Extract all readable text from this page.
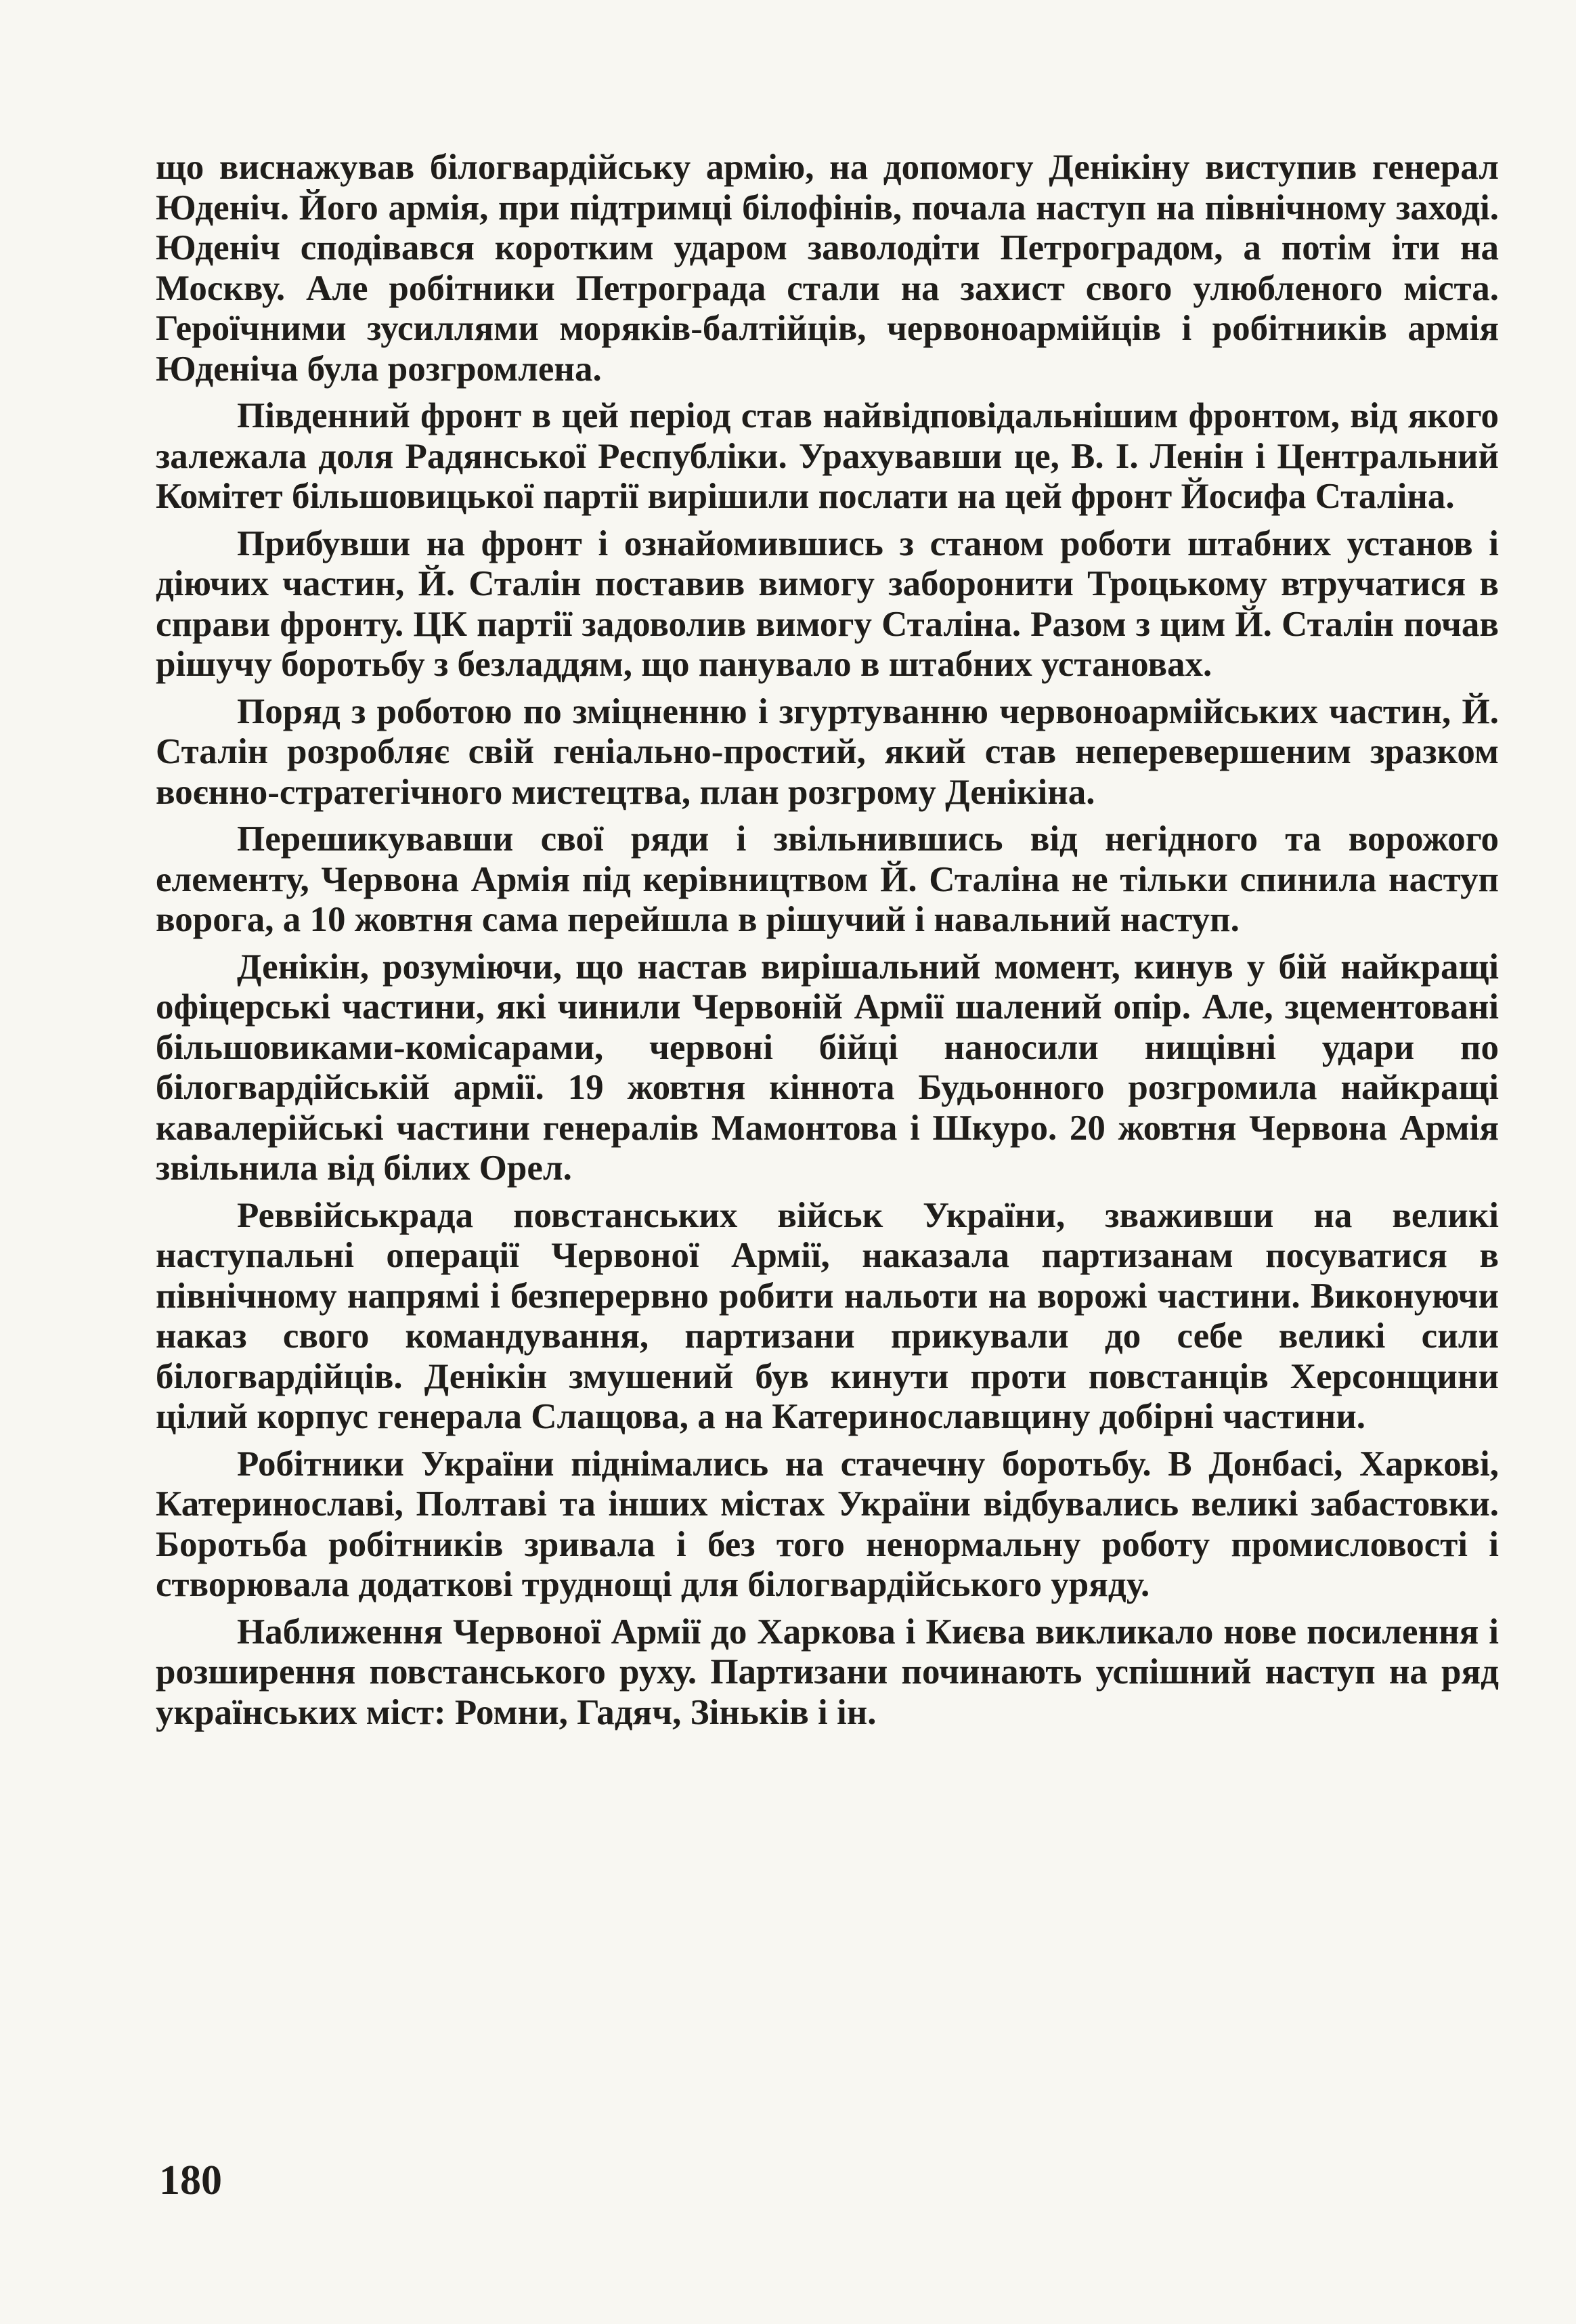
що виснажував білогвардійську армію, на допомогу Денікіну виступив генерал Юденіч. Його армія, при підтримці білофінів, почала наступ на північному заході. Юденіч сподівався коротким ударом заволодіти Петроградом, а потім іти на Москву. Але робітники Петрограда стали на захист свого улюбленого міста. Героїчними зусиллями моряків-балтійців, червоноармійців і робітників армія Юденіча була розгромлена.

Південний фронт в цей період став найвідповідальнішим фронтом, від якого залежала доля Радянської Республіки. Урахувавши це, В. І. Ленін і Центральний Комітет більшовицької партії вирішили послати на цей фронт Йосифа Сталіна.

Прибувши на фронт і ознайомившись з станом роботи штабних установ і діючих частин, Й. Сталін поставив вимогу заборонити Троцькому втручатися в справи фронту. ЦК партії задоволив вимогу Сталіна. Разом з цим Й. Сталін почав рішучу боротьбу з безладдям, що панувало в штабних установах.

Поряд з роботою по зміцненню і згуртуванню червоноармійських частин, Й. Сталін розробляє свій геніально-простий, який став неперевершеним зразком воєнно-стратегічного мистецтва, план розгрому Денікіна.

Перешикувавши свої ряди і звільнившись від негідного та ворожого елементу, Червона Армія під керівництвом Й. Сталіна не тільки спинила наступ ворога, а 10 жовтня сама перейшла в рішучий і навальний наступ.

Денікін, розуміючи, що настав вирішальний момент, кинув у бій найкращі офіцерські частини, які чинили Червоній Армії шалений опір. Але, зцементовані більшовиками-комісарами, червоні бійці наносили нищівні удари по білогвардійській армії. 19 жовтня кіннота Будьонного розгромила найкращі кавалерійські частини генералів Мамонтова і Шкуро. 20 жовтня Червона Армія звільнила від білих Орел.

Реввійськрада повстанських військ України, зваживши на великі наступальні операції Червоної Армії, наказала партизанам посуватися в північному напрямі і безперервно робити нальоти на ворожі частини. Виконуючи наказ свого командування, партизани прикували до себе великі сили білогвардійців. Денікін змушений був кинути проти повстанців Херсонщини цілий корпус генерала Слащова, а на Катеринославщину добірні частини.

Робітники України піднімались на стачечну боротьбу. В Донбасі, Харкові, Катеринославі, Полтаві та інших містах України відбувались великі забастовки. Боротьба робітників зривала і без того ненормальну роботу промисловості і створювала додаткові труднощі для білогвардійського уряду.

Наближення Червоної Армії до Харкова і Києва викликало нове посилення і розширення повстанського руху. Партизани починають успішний наступ на ряд українських міст: Ромни, Гадяч, Зіньків і ін.

180
